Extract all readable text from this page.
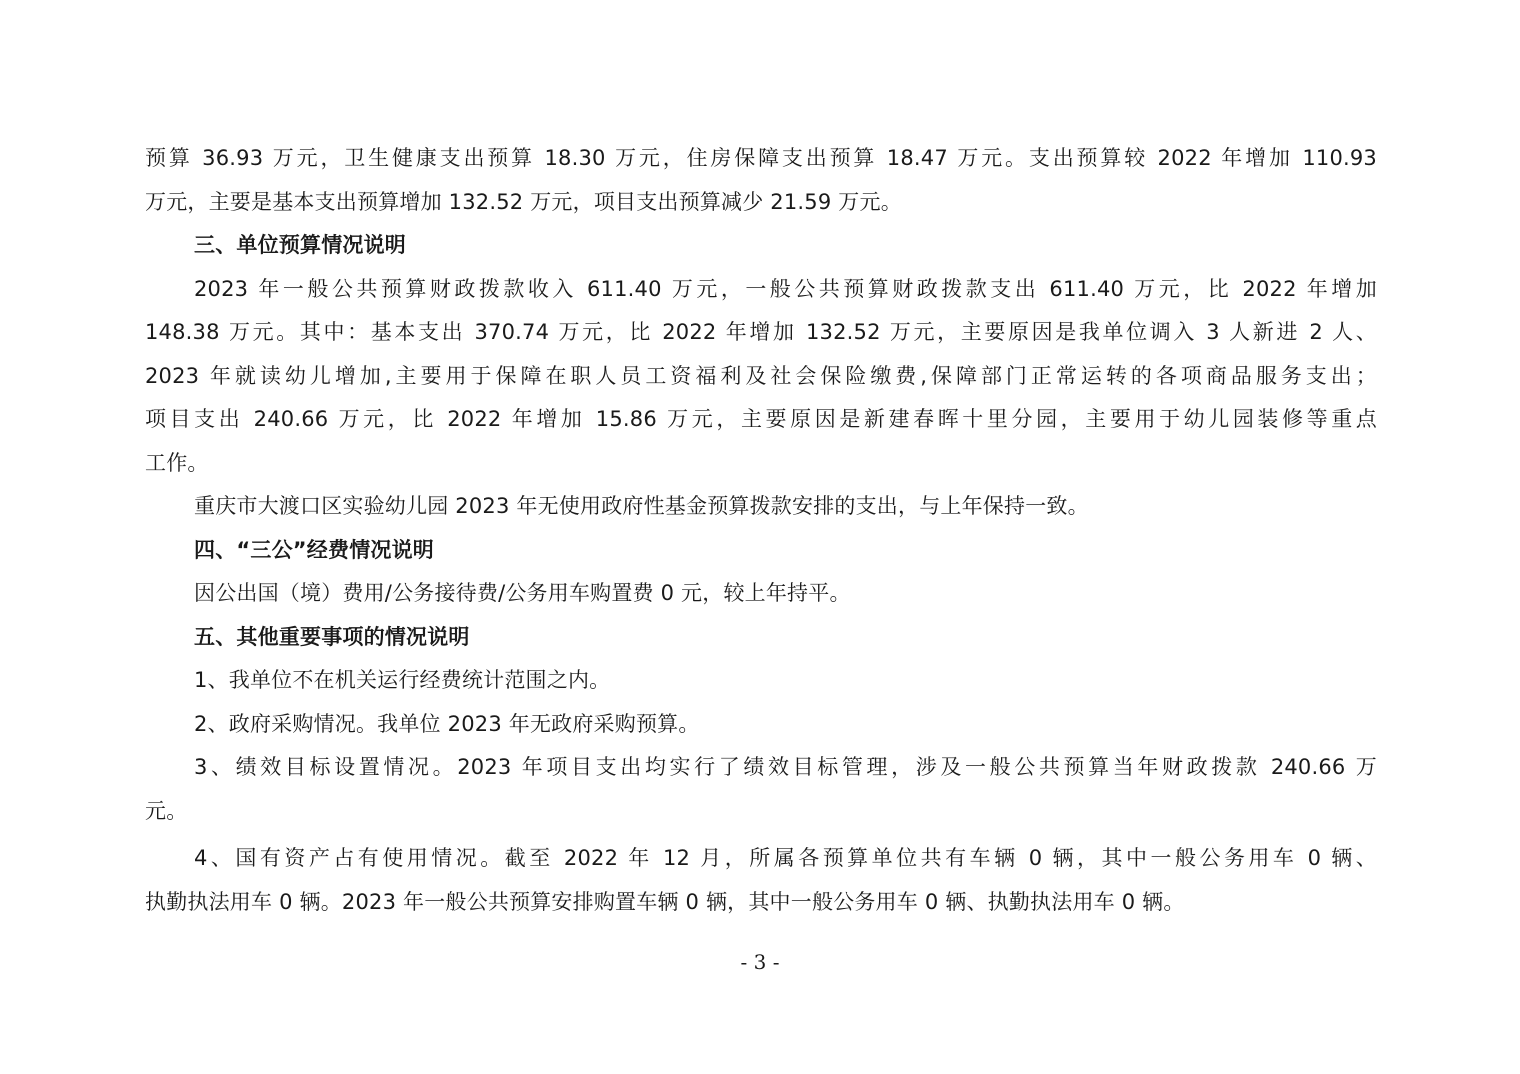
预算 36.93 万元，卫生健康支出预算 18.30 万元，住房保障支出预算 18.47 万元。支出预算较 2022 年增加 110.93
万元，主要是基本支出预算增加 132.52 万元，项目支出预算减少 21.59 万元。
三、单位预算情况说明
2023 年一般公共预算财政拨款收入 611.40 万元，一般公共预算财政拨款支出 611.40 万元，比 2022 年增加
148.38 万元。其中：基本支出 370.74 万元，比 2022 年增加 132.52 万元，主要原因是我单位调入 3 人新进 2 人、
2023 年就读幼儿增加,主要用于保障在职人员工资福利及社会保险缴费,保障部门正常运转的各项商品服务支出；
项目支出 240.66 万元，比 2022 年增加 15.86 万元，主要原因是新建春晖十里分园，主要用于幼儿园装修等重点
工作。
重庆市大渡口区实验幼儿园 2023 年无使用政府性基金预算拨款安排的支出，与上年保持一致。
四、“三公”经费情况说明
因公出国（境）费用/公务接待费/公务用车购置费 0 元，较上年持平。
五、其他重要事项的情况说明
1、我单位不在机关运行经费统计范围之内。
2、政府采购情况。我单位 2023 年无政府采购预算。
3、绩效目标设置情况。2023 年项目支出均实行了绩效目标管理，涉及一般公共预算当年财政拨款 240.66 万
元。
4、国有资产占有使用情况。截至 2022 年 12 月，所属各预算单位共有车辆 0 辆，其中一般公务用车 0 辆、
执勤执法用车 0 辆。2023 年一般公共预算安排购置车辆 0 辆，其中一般公务用车 0 辆、执勤执法用车 0 辆。
- 3 -
